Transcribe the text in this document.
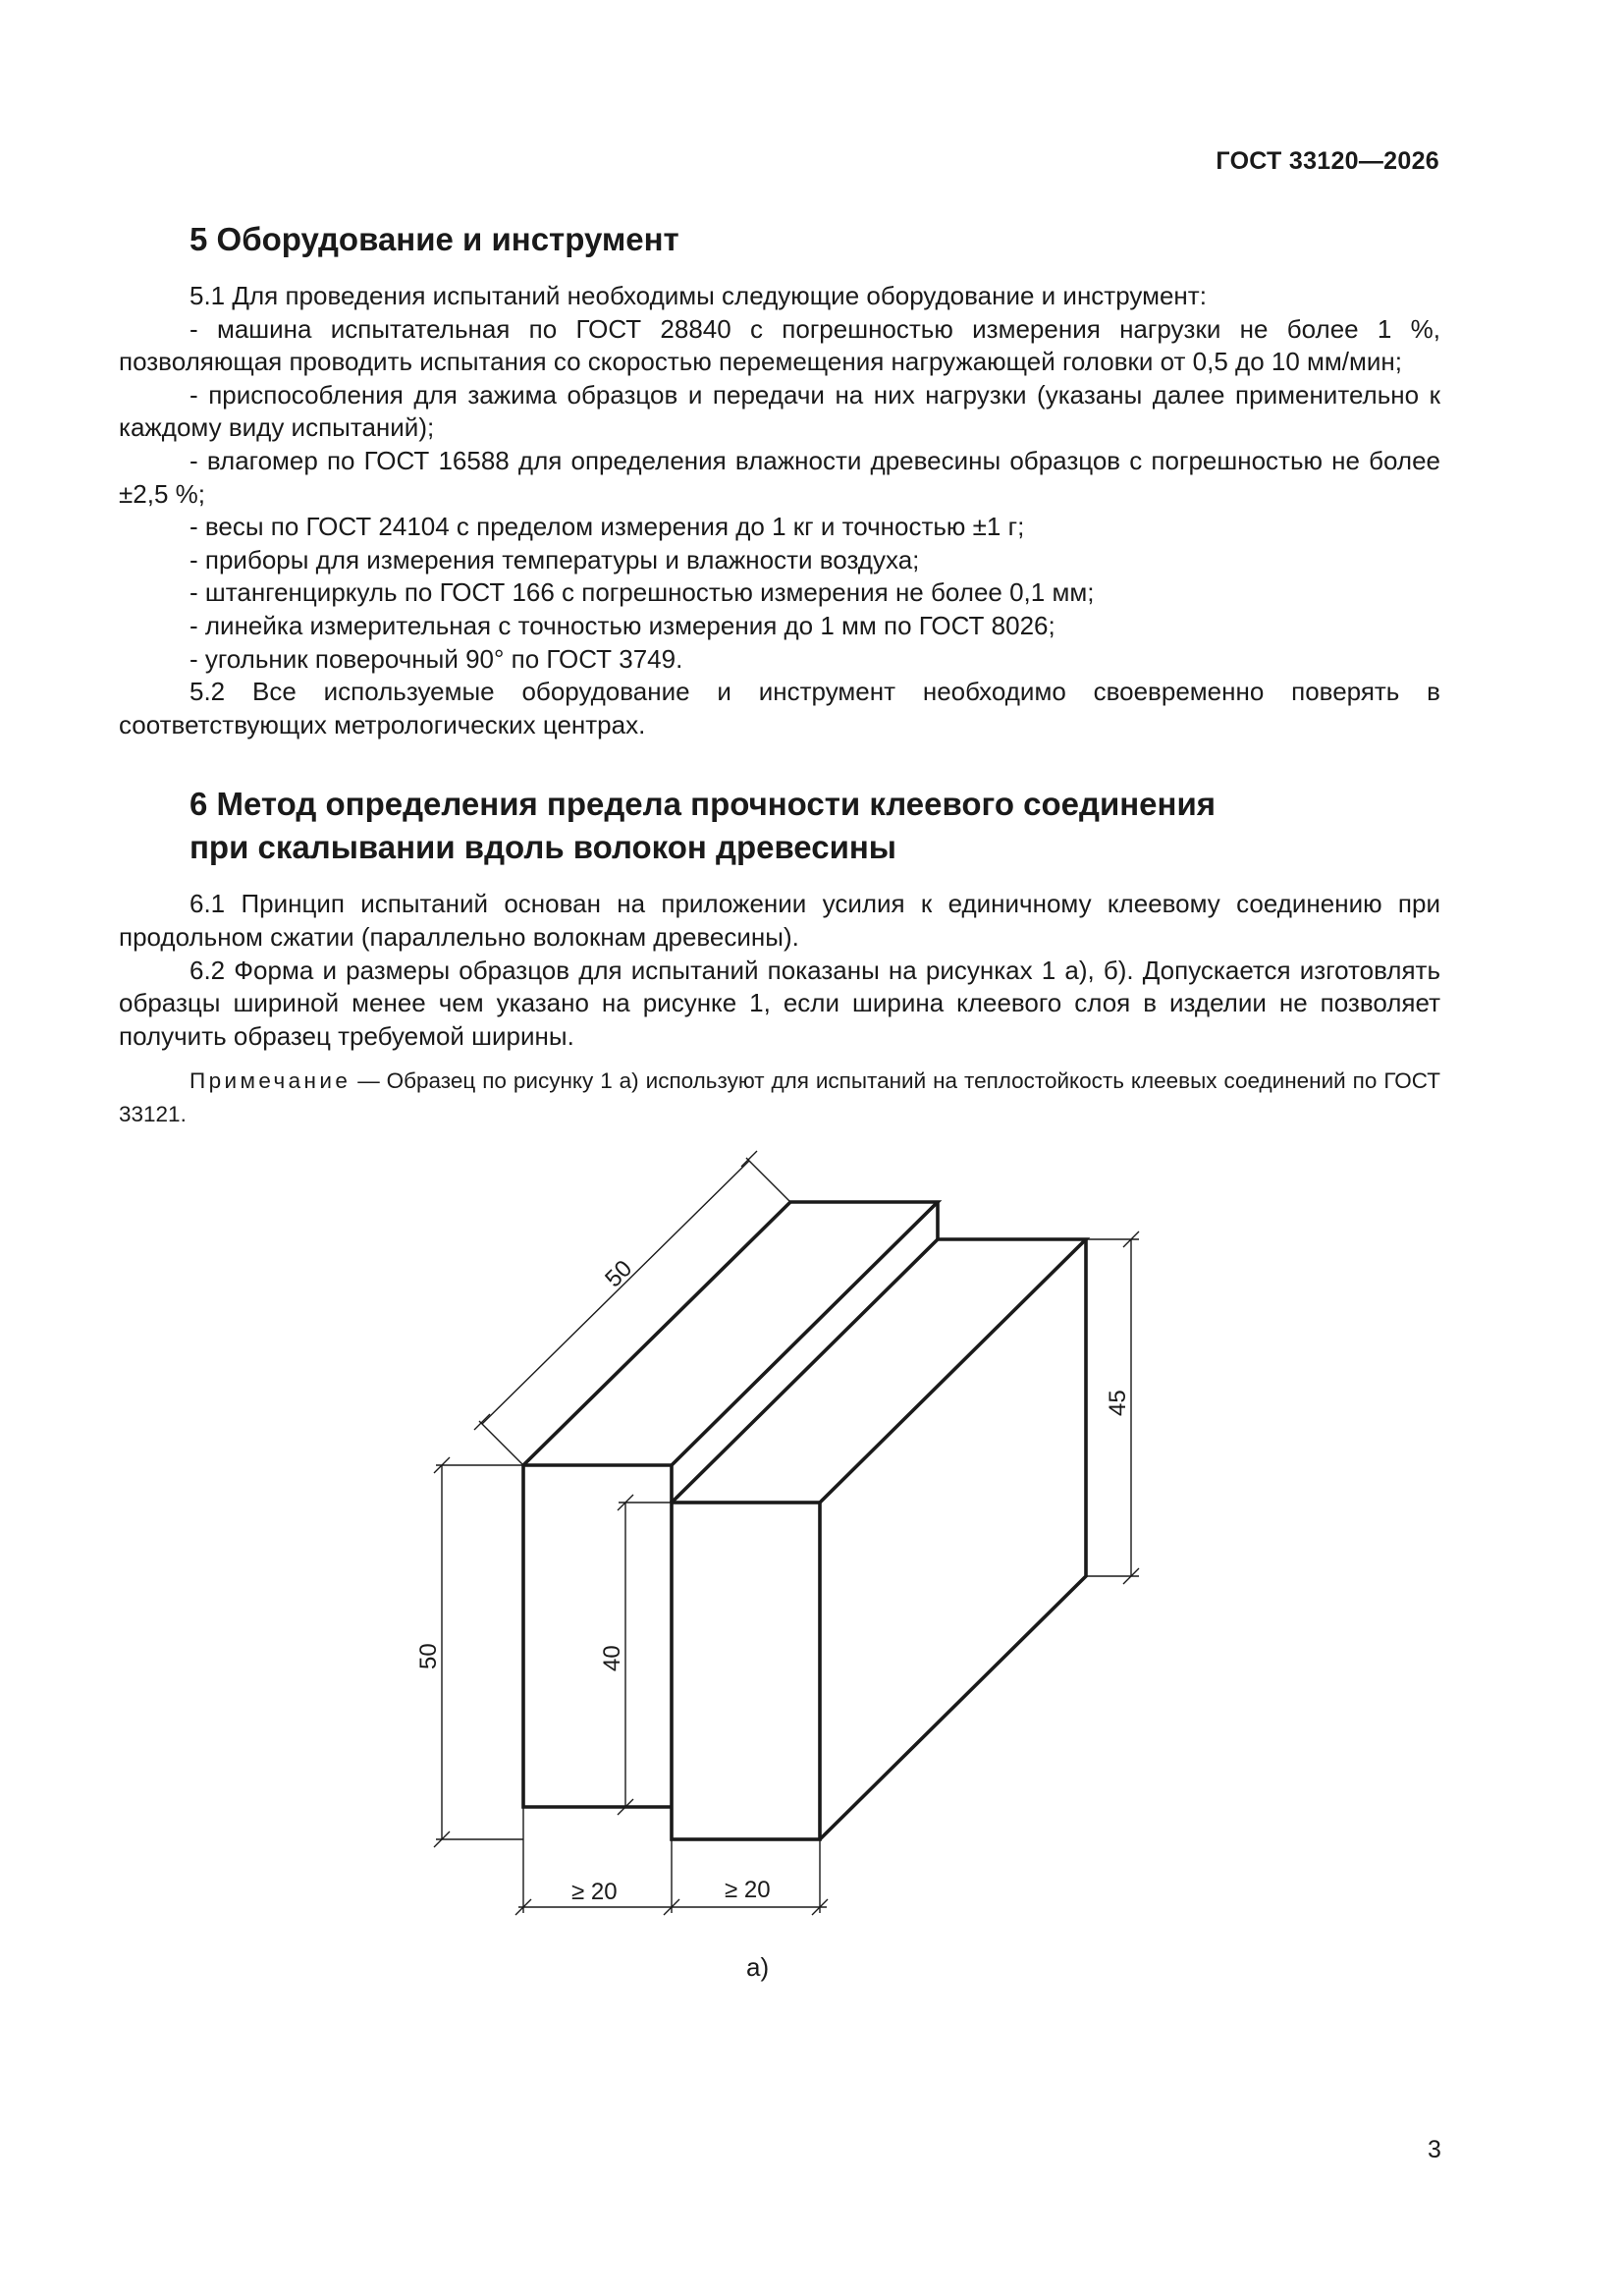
ГОСТ 33120—2026
5 Оборудование и инструмент

5.1 Для проведения испытаний необходимы следующие оборудование и инструмент:

- машина испытательная по ГОСТ 28840 с погрешностью измерения нагрузки не более 1 %, позволяющая проводить испытания со скоростью перемещения нагружающей головки от 0,5 до 10 мм/мин;

- приспособления для зажима образцов и передачи на них нагрузки (указаны далее применительно к каждому виду испытаний);

- влагомер по ГОСТ 16588 для определения влажности древесины образцов с погрешностью не более ±2,5 %;

- весы по ГОСТ 24104 с пределом измерения до 1 кг и точностью ±1 г;

- приборы для измерения температуры и влажности воздуха;

- штангенциркуль по ГОСТ 166 с погрешностью измерения не более 0,1 мм;

- линейка измерительная с точностью измерения до 1 мм по ГОСТ 8026;

- угольник поверочный 90° по ГОСТ 3749.

5.2 Все используемые оборудование и инструмент необходимо своевременно поверять в соответствующих метрологических центрах.

6 Метод определения предела прочности клеевого соединения
при скалывании вдоль волокон древесины

6.1 Принцип испытаний основан на приложении усилия к единичному клеевому соединению при продольном сжатии (параллельно волокнам древесины).

6.2 Форма и размеры образцов для испытаний показаны на рисунках 1 а), б). Допускается изготовлять образцы шириной менее чем указано на рисунке 1, если ширина клеевого слоя в изделии не позволяет получить образец требуемой ширины.

Примечание — Образец по рисунку 1 а) используют для испытаний на теплостойкость клеевых соединений по ГОСТ 33121.

50
45
50	40
≥ 20	≥ 20
а)
3
